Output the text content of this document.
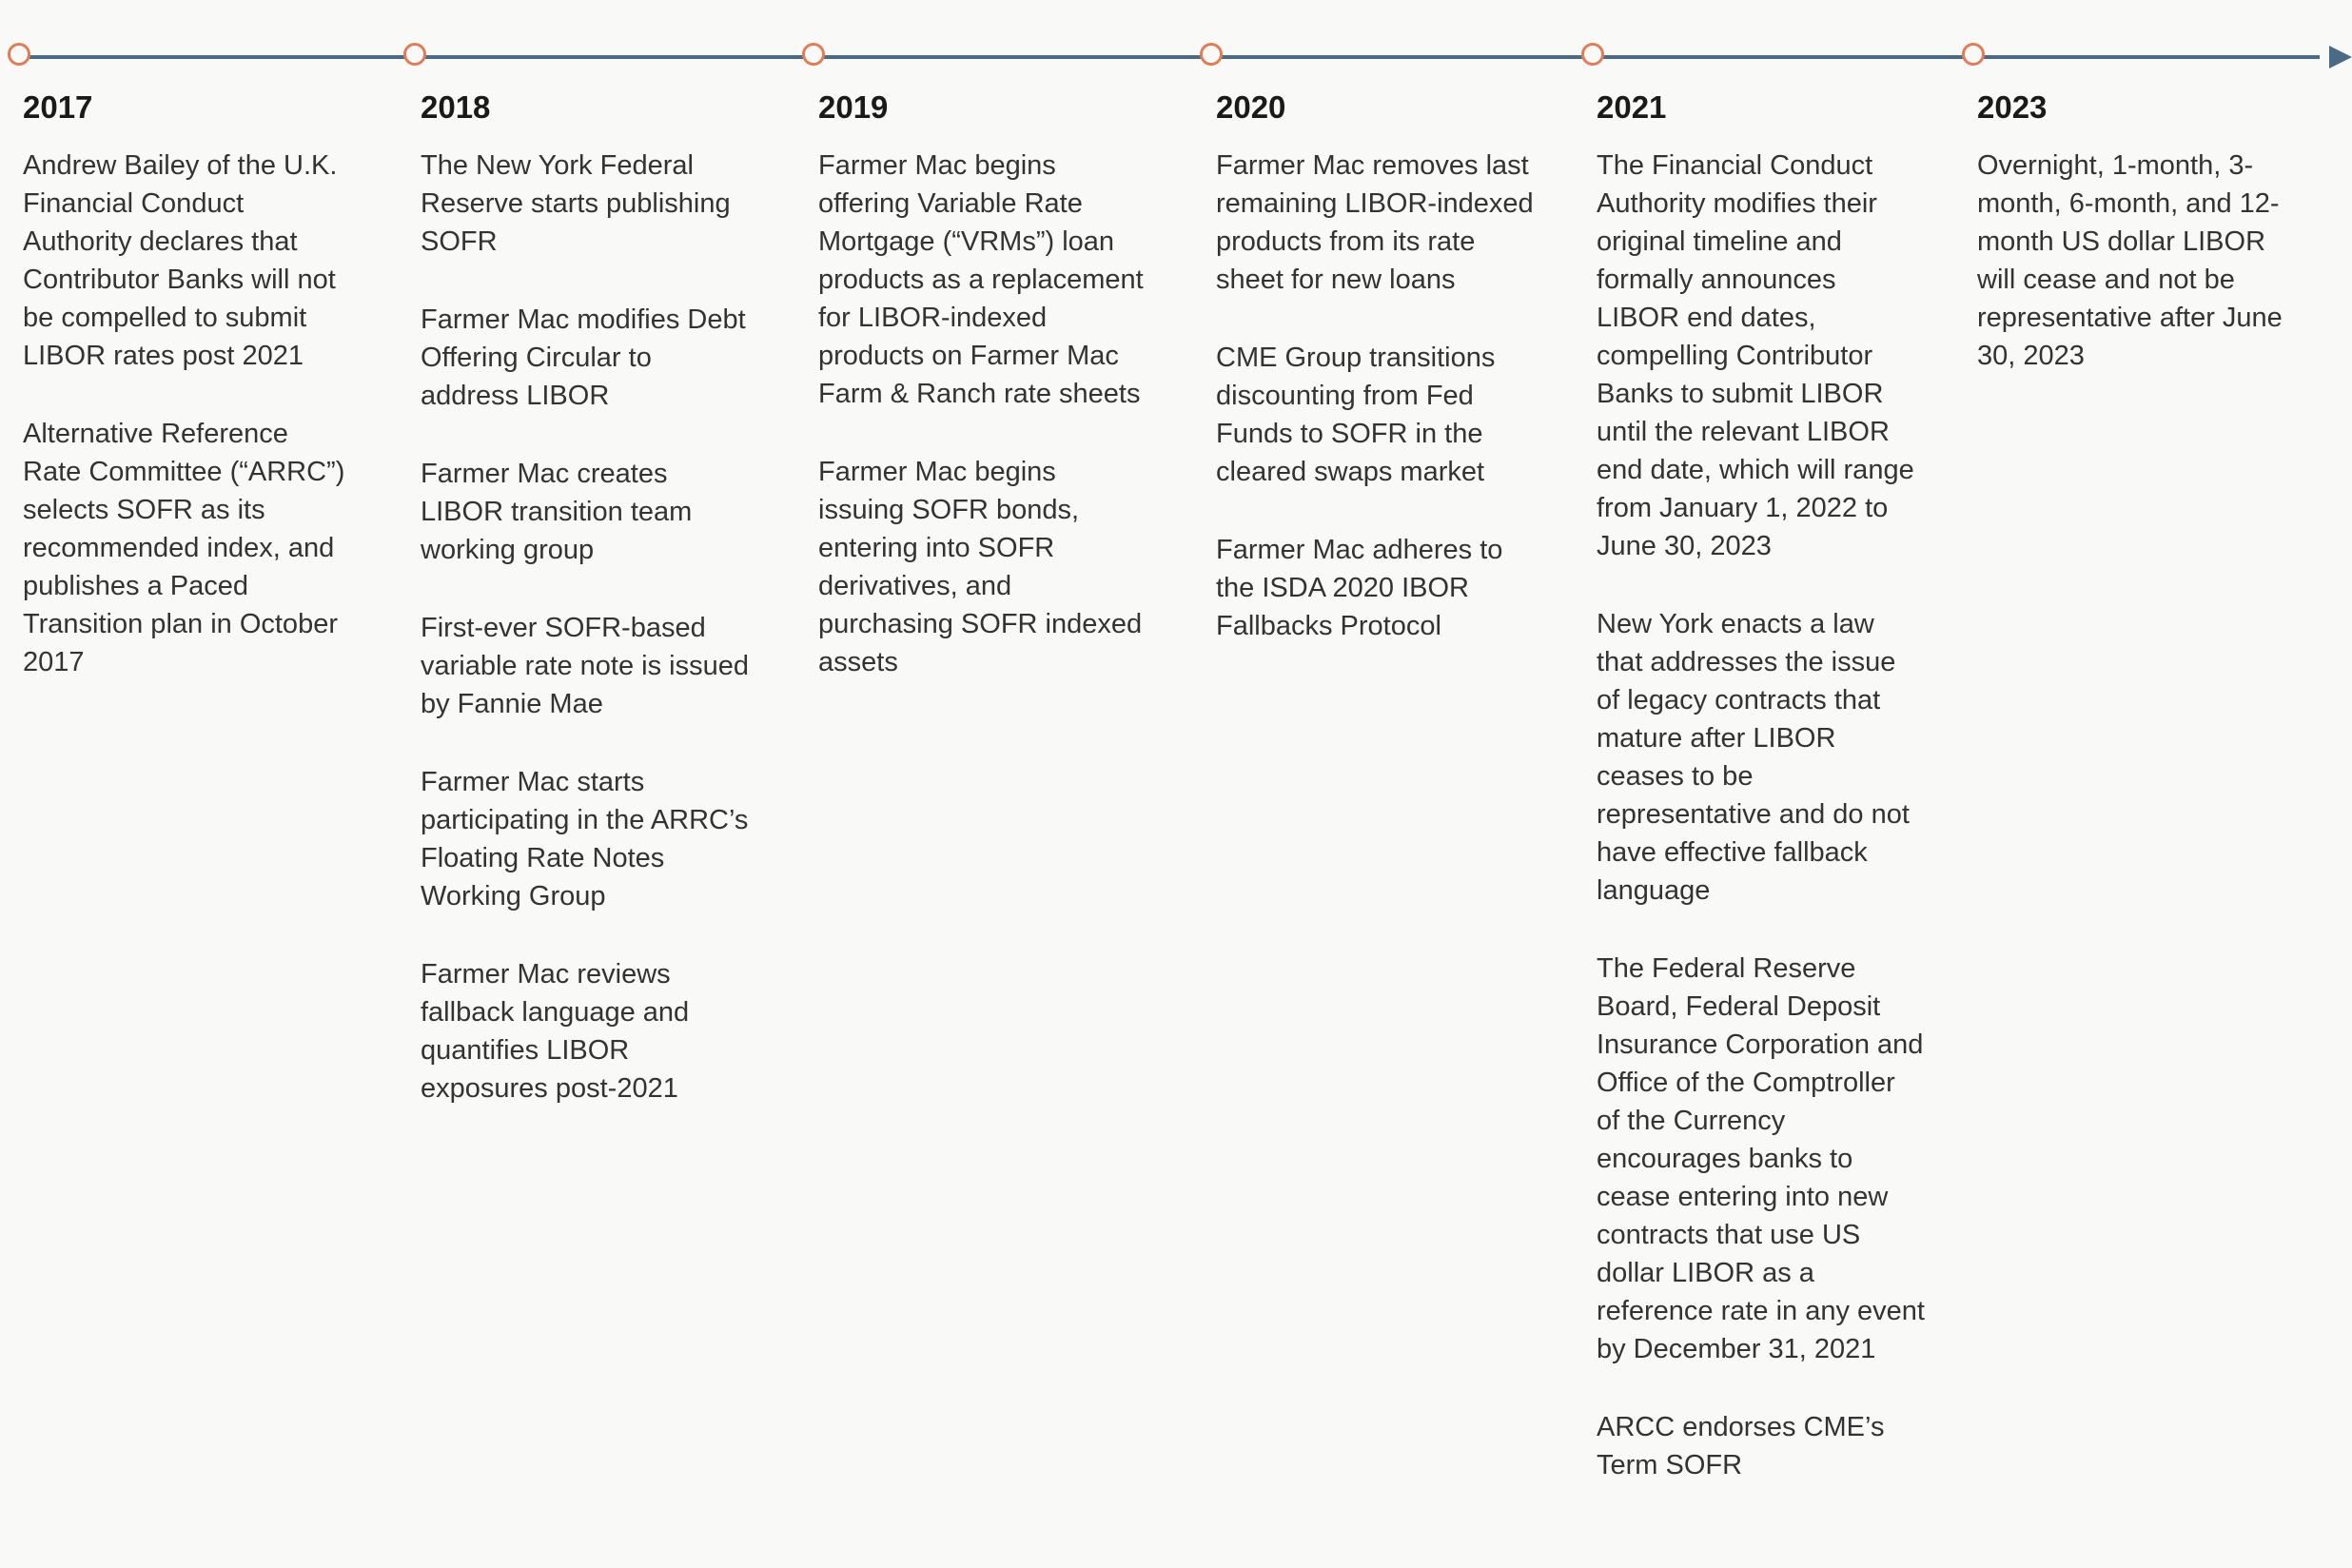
2017
Andrew Bailey of the U.K. Financial Conduct Authority declares that Contributor Banks will not be compelled to submit LIBOR rates post 2021
Alternative Reference Rate Committee (“ARRC”) selects SOFR as its recommended index, and publishes a Paced Transition plan in October 2017
2018
The New York Federal Reserve starts publishing SOFR
Farmer Mac modifies Debt Offering Circular to address LIBOR
Farmer Mac creates LIBOR transition team working group
First-ever SOFR-based variable rate note is issued by Fannie Mae
Farmer Mac starts participating in the ARRC’s Floating Rate Notes Working Group
Farmer Mac reviews fallback language and quantifies LIBOR exposures post-2021
2019
Farmer Mac begins offering Variable Rate Mortgage (“VRMs”) loan products as a replacement for LIBOR-indexed products on Farmer Mac Farm & Ranch rate sheets
Farmer Mac begins issuing SOFR bonds, entering into SOFR derivatives, and purchasing SOFR indexed assets
2020
Farmer Mac removes last remaining LIBOR-indexed products from its rate sheet for new loans
CME Group transitions discounting from Fed Funds to SOFR in the cleared swaps market
Farmer Mac adheres to the ISDA 2020 IBOR Fallbacks Protocol
2021
The Financial Conduct Authority modifies their original timeline and formally announces LIBOR end dates, compelling Contributor Banks to submit LIBOR until the relevant LIBOR end date, which will range from January 1, 2022 to June 30, 2023
New York enacts a law that addresses the issue of legacy contracts that mature after LIBOR ceases to be representative and do not have effective fallback language
The Federal Reserve Board, Federal Deposit Insurance Corporation and Office of the Comptroller of the Currency encourages banks to cease entering into new contracts that use US dollar LIBOR as a reference rate in any event by December 31, 2021
ARCC endorses CME’s Term SOFR
2023
Overnight, 1-month, 3-month, 6-month, and 12-month US dollar LIBOR will cease and not be representative after June 30, 2023
